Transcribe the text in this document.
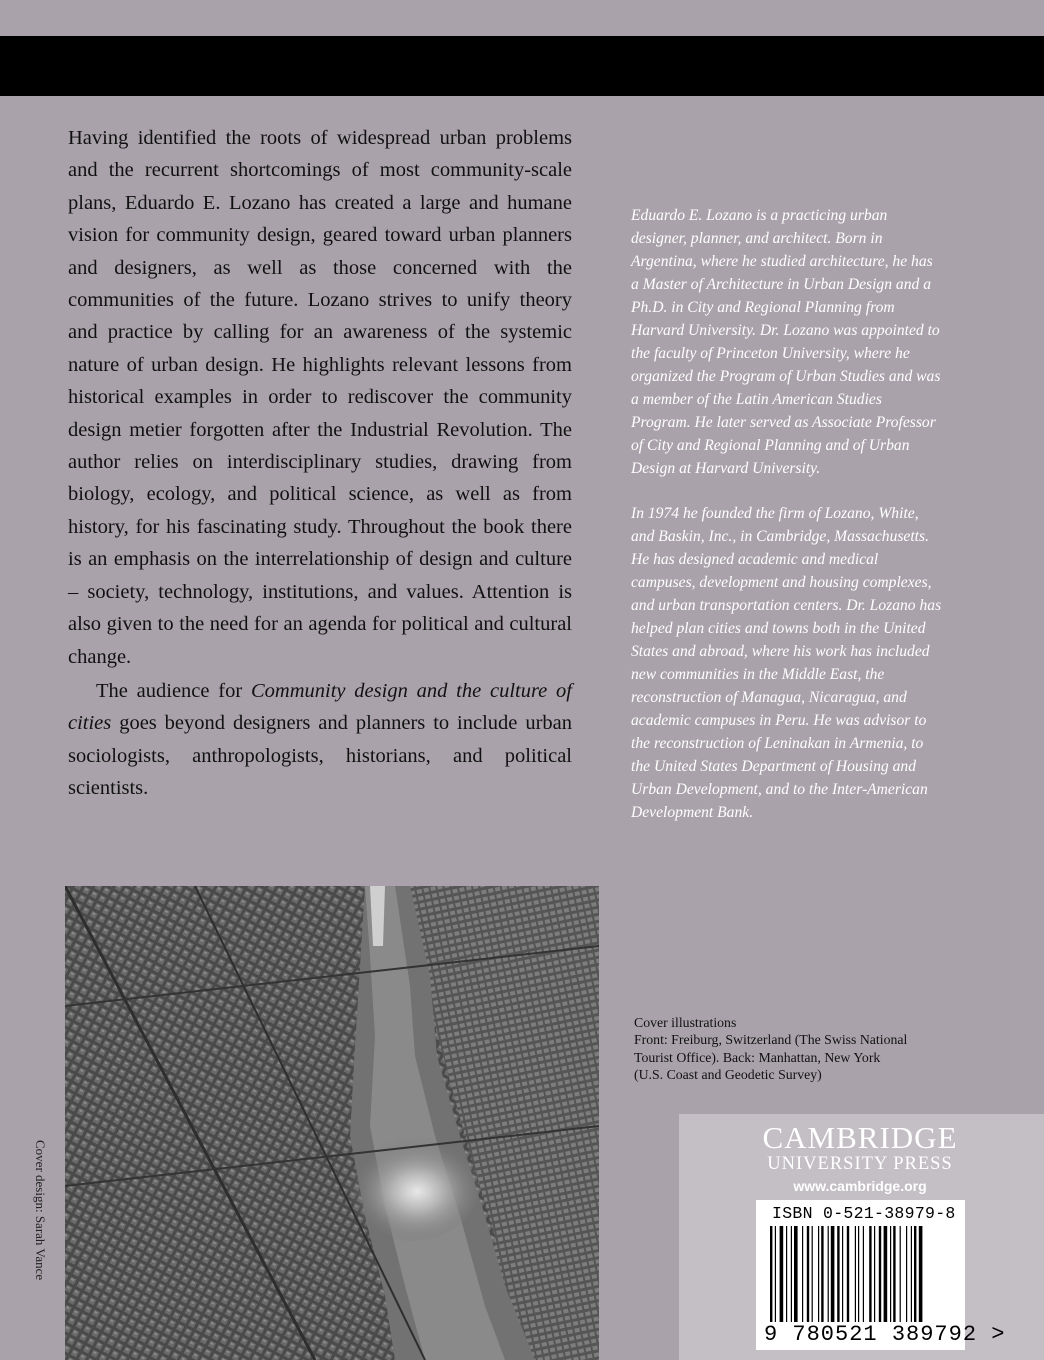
Having identified the roots of widespread urban problems and the recurrent shortcomings of most community-scale plans, Eduardo E. Lozano has created a large and humane vision for community design, geared toward urban planners and designers, as well as those concerned with the communities of the future. Lozano strives to unify theory and practice by calling for an awareness of the systemic nature of urban design. He highlights relevant lessons from historical examples in order to rediscover the community design metier forgotten after the Industrial Revolution. The author relies on interdisciplinary studies, drawing from biology, ecology, and political science, as well as from history, for his fascinating study. Throughout the book there is an emphasis on the interrelationship of design and culture – society, technology, institutions, and values. Attention is also given to the need for an agenda for political and cultural change.

The audience for Community design and the culture of cities goes beyond designers and planners to include urban sociologists, anthropologists, historians, and political scientists.

Eduardo E. Lozano is a practicing urban designer, planner, and architect. Born in Argentina, where he studied architecture, he has a Master of Architecture in Urban Design and a Ph.D. in City and Regional Planning from Harvard University. Dr. Lozano was appointed to the faculty of Princeton University, where he organized the Program of Urban Studies and was a member of the Latin American Studies Program. He later served as Associate Professor of City and Regional Planning and of Urban Design at Harvard University.

In 1974 he founded the firm of Lozano, White, and Baskin, Inc., in Cambridge, Massachusetts. He has designed academic and medical campuses, development and housing complexes, and urban transportation centers. Dr. Lozano has helped plan cities and towns both in the United States and abroad, where his work has included new communities in the Middle East, the reconstruction of Managua, Nicaragua, and academic campuses in Peru. He was advisor to the reconstruction of Leninakan in Armenia, to the United States Department of Housing and Urban Development, and to the Inter-American Development Bank.

Cover design: Sarah Vance
Cover illustrations
Front: Freiburg, Switzerland (The Swiss National
Tourist Office). Back: Manhattan, New York
(U.S. Coast and Geodetic Survey)
CAMBRIDGE
UNIVERSITY PRESS
www.cambridge.org
ISBN 0-521-38979-8
9 780521 389792 >
